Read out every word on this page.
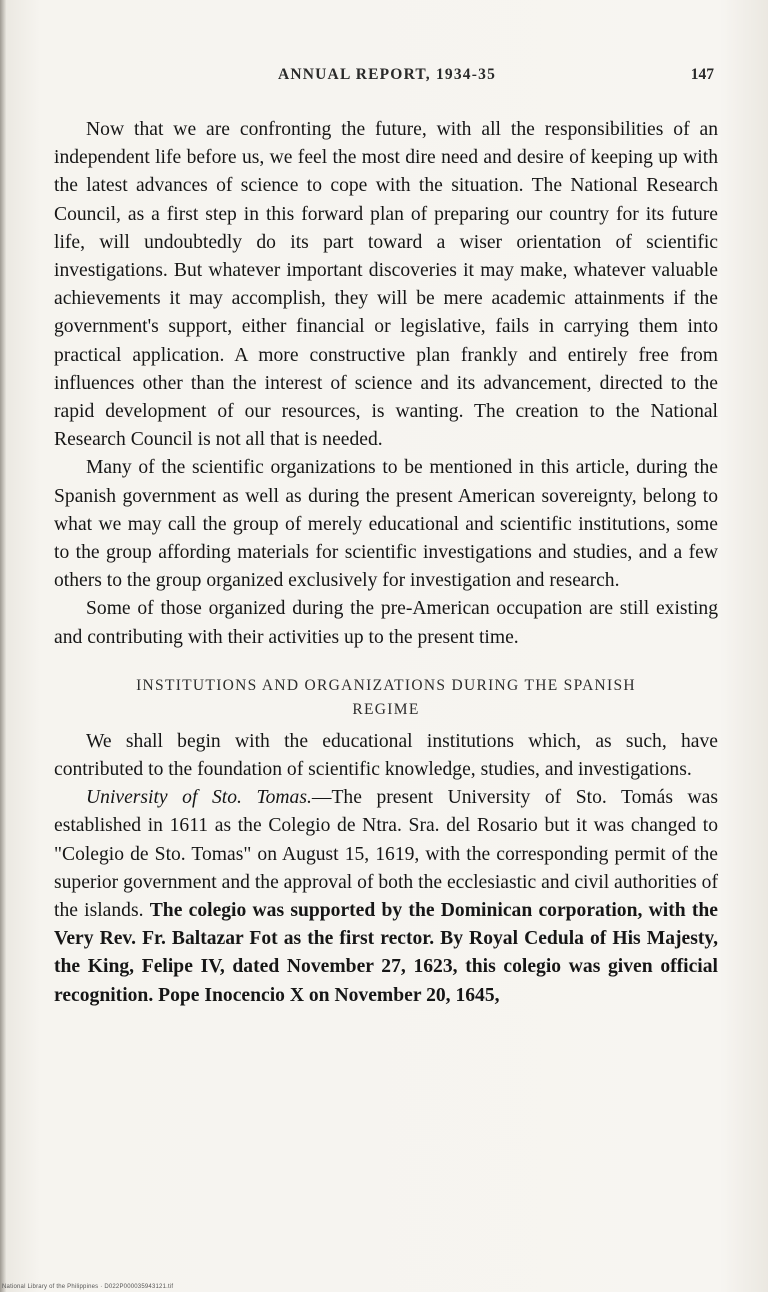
ANNUAL REPORT, 1934-35	147

Now that we are confronting the future, with all the responsibilities of an independent life before us, we feel the most dire need and desire of keeping up with the latest advances of science to cope with the situation. The National Research Council, as a first step in this forward plan of preparing our country for its future life, will undoubtedly do its part toward a wiser orientation of scientific investigations. But whatever important discoveries it may make, whatever valuable achievements it may accomplish, they will be mere academic attainments if the government's support, either financial or legislative, fails in carrying them into practical application. A more constructive plan frankly and entirely free from influences other than the interest of science and its advancement, directed to the rapid development of our resources, is wanting. The creation to the National Research Council is not all that is needed.

Many of the scientific organizations to be mentioned in this article, during the Spanish government as well as during the present American sovereignty, belong to what we may call the group of merely educational and scientific institutions, some to the group affording materials for scientific investigations and studies, and a few others to the group organized exclusively for investigation and research.

Some of those organized during the pre-American occupation are still existing and contributing with their activities up to the present time.

INSTITUTIONS AND ORGANIZATIONS DURING THE SPANISH
REGIME

We shall begin with the educational institutions which, as such, have contributed to the foundation of scientific knowledge, studies, and investigations.

University of Sto. Tomas.—The present University of Sto. Tomás was established in 1611 as the Colegio de Ntra. Sra. del Rosario but it was changed to "Colegio de Sto. Tomas" on August 15, 1619, with the corresponding permit of the superior government and the approval of both the ecclesiastic and civil authorities of the islands. The colegio was supported by the Dominican corporation, with the Very Rev. Fr. Baltazar Fot as the first rector. By Royal Cedula of His Majesty, the King, Felipe IV, dated November 27, 1623, this colegio was given official recognition. Pope Inocencio X on November 20, 1645,

National Library of the Philippines · D022P000035943121.tif
